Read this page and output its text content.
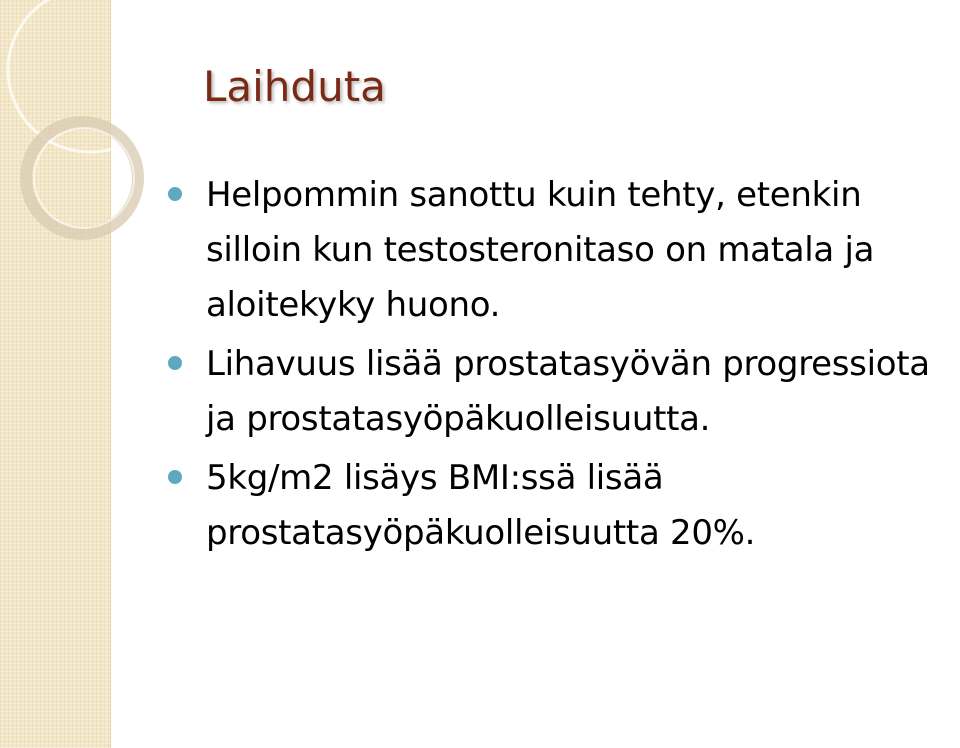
Laihduta
Helpommin sanottu kuin tehty, etenkin silloin kun testosteronitaso on matala ja aloitekyky huono.
Lihavuus lisää prostatasyövän progressiota ja prostatasyöpäkuolleisuutta.
5kg/m2 lisäys BMI:ssä lisää prostatasyöpäkuolleisuutta 20%.
